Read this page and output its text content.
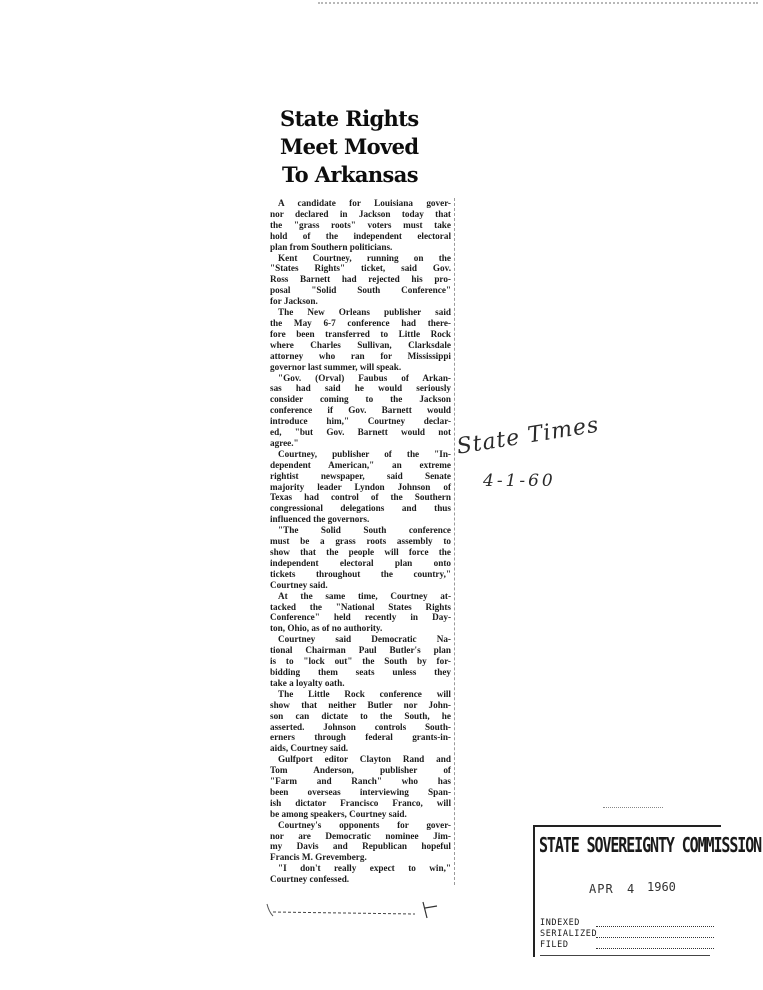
State Rights
Meet Moved
To Arkansas

A candidate for Louisiana gover-
nor declared in Jackson today that
the "grass roots" voters must take
hold of the independent electoral
plan from Southern politicians.

Kent Courtney, running on the
"States Rights" ticket, said Gov.
Ross Barnett had rejected his pro-
posal "Solid South Conference"
for Jackson.

The New Orleans publisher said
the May 6-7 conference had there-
fore been transferred to Little Rock
where Charles Sullivan, Clarksdale
attorney who ran for Mississippi
governor last summer, will speak.

"Gov. (Orval) Faubus of Arkan-
sas had said he would seriously
consider coming to the Jackson
conference if Gov. Barnett would
introduce him," Courtney declar-
ed, "but Gov. Barnett would not
agree."

Courtney, publisher of the "In-
dependent American," an extreme
rightist newspaper, said Senate
majority leader Lyndon Johnson of
Texas had control of the Southern
congressional delegations and thus
influenced the governors.

"The Solid South conference
must be a grass roots assembly to
show that the people will force the
independent electoral plan onto
tickets throughout the country,"
Courtney said.

At the same time, Courtney at-
tacked the "National States Rights
Conference" held recently in Day-
ton, Ohio, as of no authority.

Courtney said Democratic Na-
tional Chairman Paul Butler's plan
is to "lock out" the South by for-
bidding them seats unless they
take a loyalty oath.

The Little Rock conference will
show that neither Butler nor John-
son can dictate to the South, he
asserted. Johnson controls South-
erners through federal grants-in-
aids, Courtney said.

Gulfport editor Clayton Rand and
Tom Anderson, publisher of
"Farm and Ranch" who has
been overseas interviewing Span-
ish dictator Francisco Franco, will
be among speakers, Courtney said.

Courtney's opponents for gover-
nor are Democratic nominee Jim-
my Davis and Republican hopeful
Francis M. Grevemberg.

"I don't really expect to win,"
Courtney confessed.

State Times
4-1-60
STATE SOVEREIGNTY COMMISSION
APR 4 1960
INDEXED
SERIALIZED
FILED
